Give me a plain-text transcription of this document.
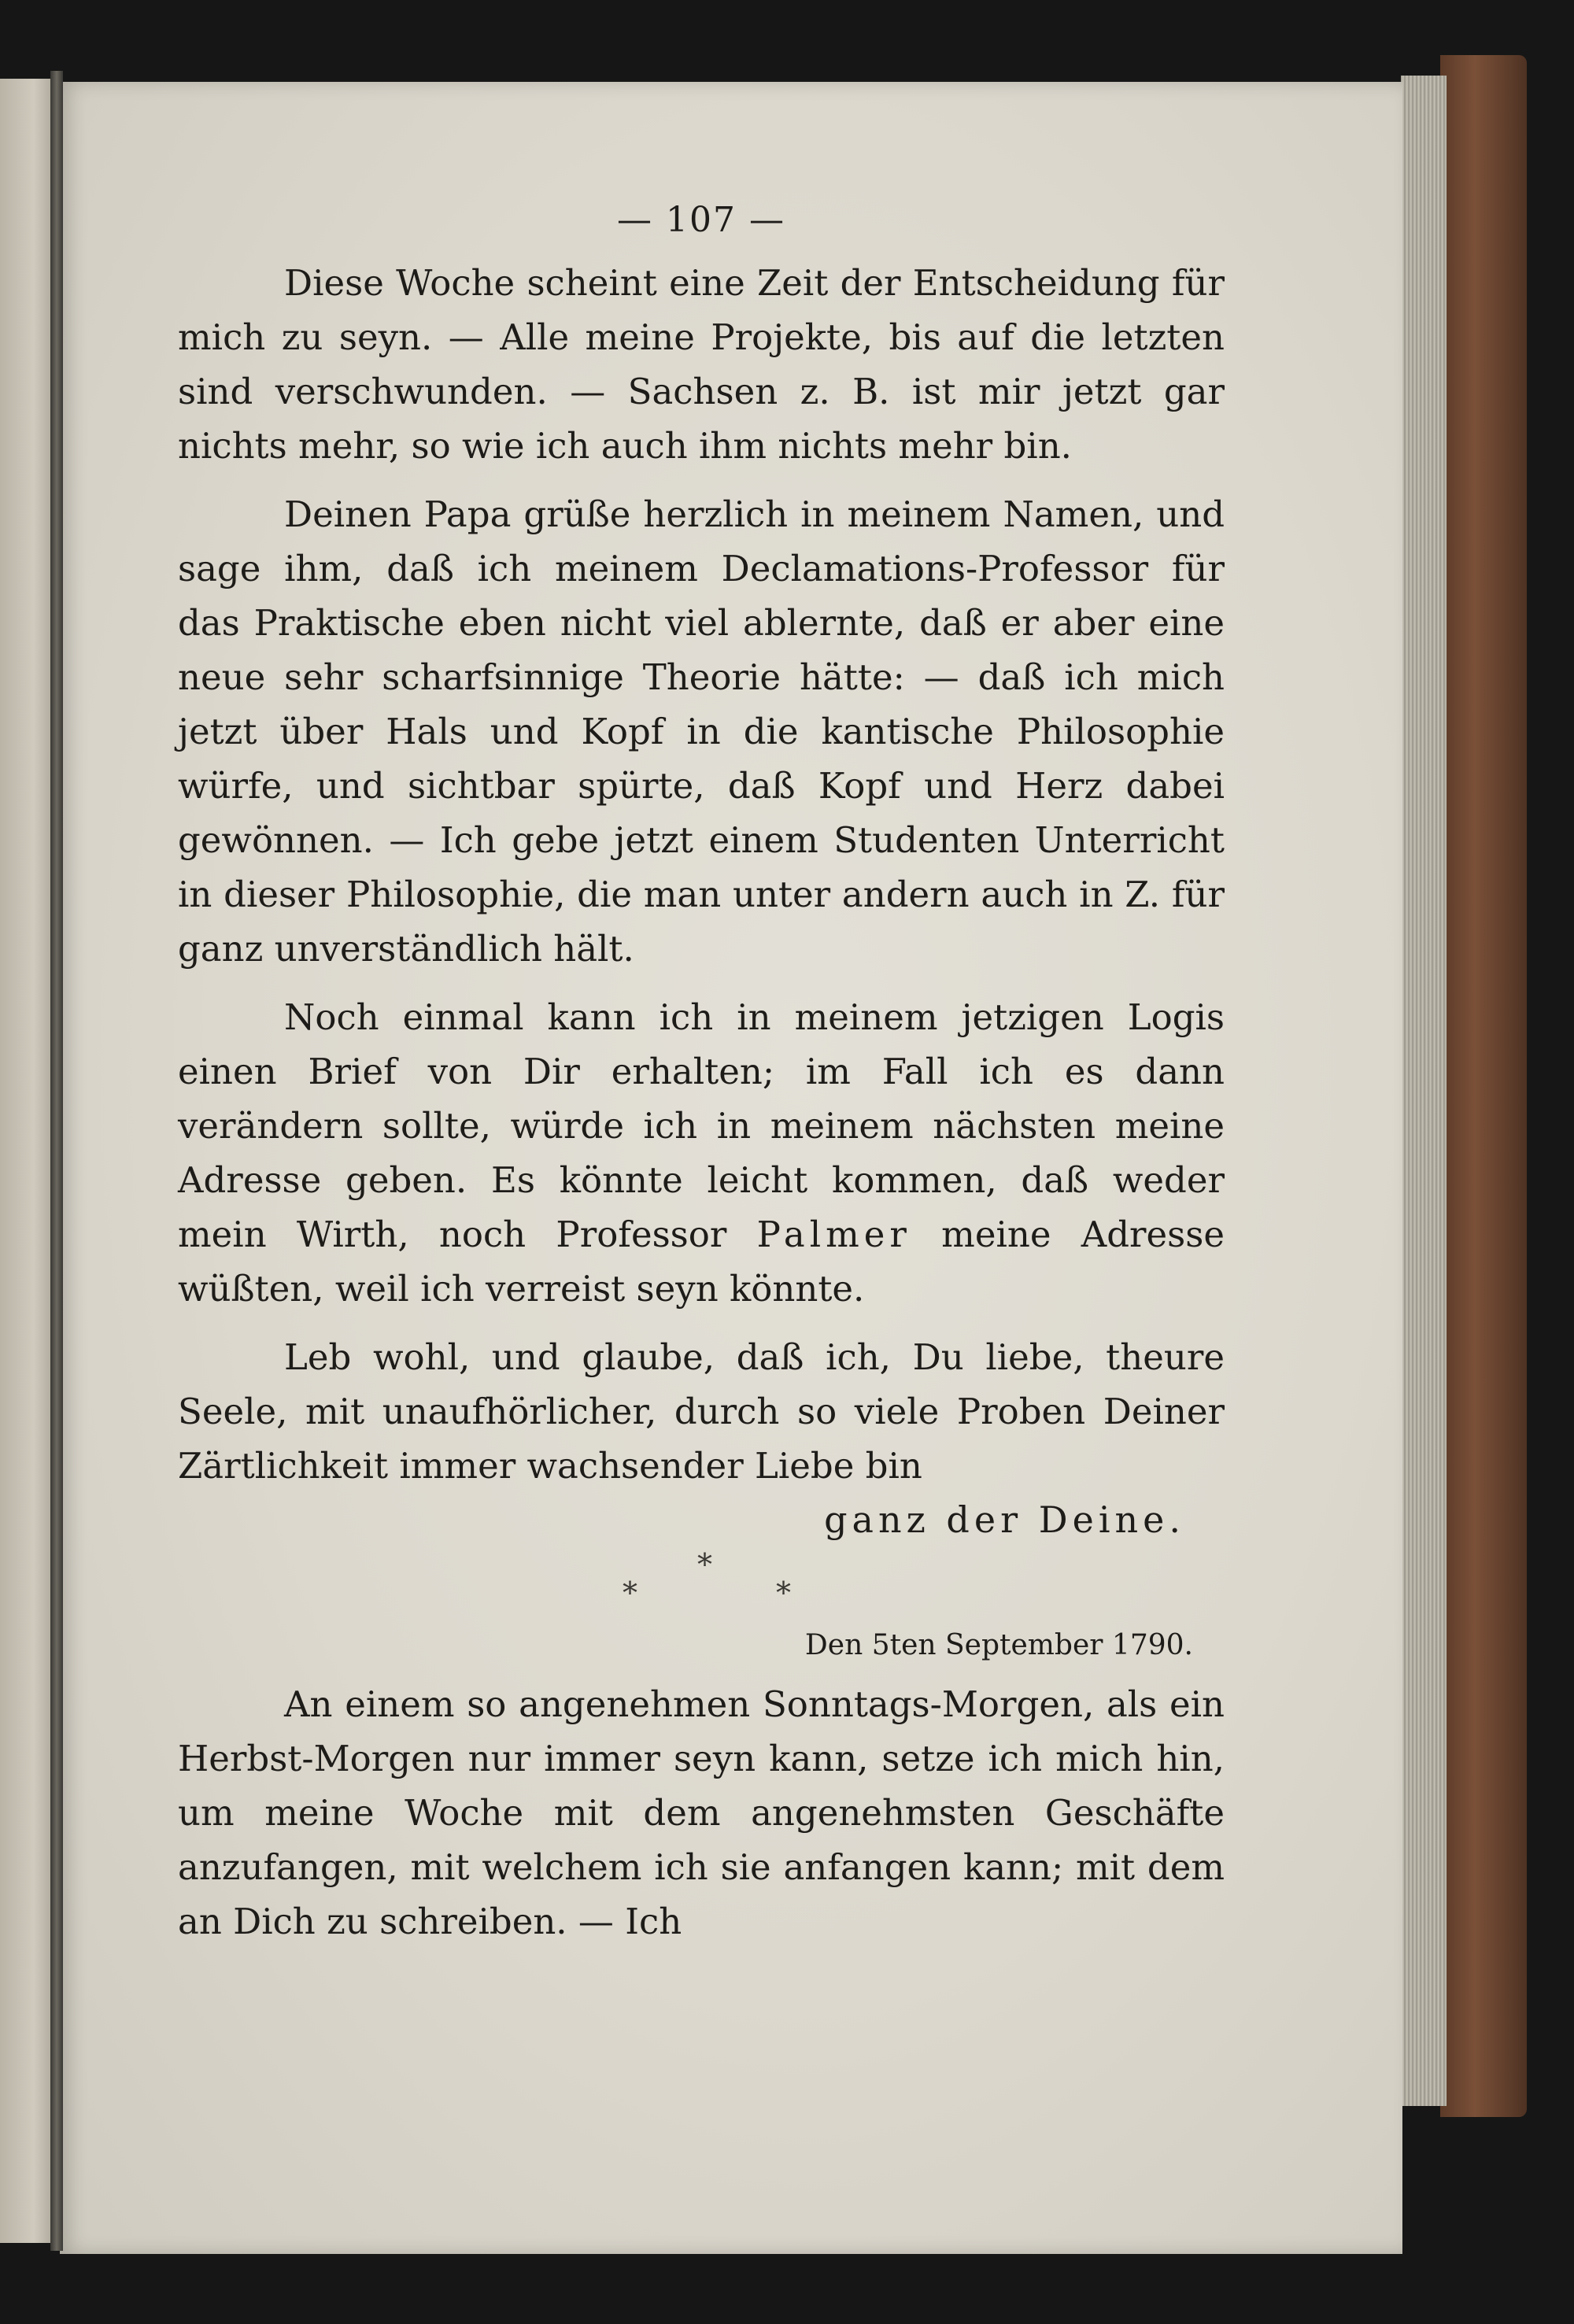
— 107 —

Diese Woche scheint eine Zeit der Entscheidung für mich zu seyn. — Alle meine Projekte, bis auf die letzten sind verschwunden. — Sachsen z. B. ist mir jetzt gar nichts mehr, so wie ich auch ihm nichts mehr bin.

Deinen Papa grüße herzlich in meinem Namen, und sage ihm, daß ich meinem Declamations-Professor für das Praktische eben nicht viel ablernte, daß er aber eine neue sehr scharfsinnige Theorie hätte: — daß ich mich jetzt über Hals und Kopf in die kantische Philosophie würfe, und sichtbar spürte, daß Kopf und Herz dabei gewönnen. — Ich gebe jetzt einem Studenten Unterricht in dieser Philosophie, die man unter andern auch in Z. für ganz unverständlich hält.

Noch einmal kann ich in meinem jetzigen Logis einen Brief von Dir erhalten; im Fall ich es dann verändern sollte, würde ich in meinem nächsten meine Adresse geben. Es könnte leicht kommen, daß weder mein Wirth, noch Professor Palmer meine Adresse wüßten, weil ich verreist seyn könnte.

Leb wohl, und glaube, daß ich, Du liebe, theure Seele, mit unaufhörlicher, durch so viele Proben Deiner Zärtlichkeit immer wachsender Liebe bin

ganz der Deine.

*
*	*

Den 5ten September 1790.

An einem so angenehmen Sonntags-Morgen, als ein Herbst-Morgen nur immer seyn kann, setze ich mich hin, um meine Woche mit dem angenehmsten Geschäfte anzufangen, mit welchem ich sie anfangen kann; mit dem an Dich zu schreiben. — Ich
